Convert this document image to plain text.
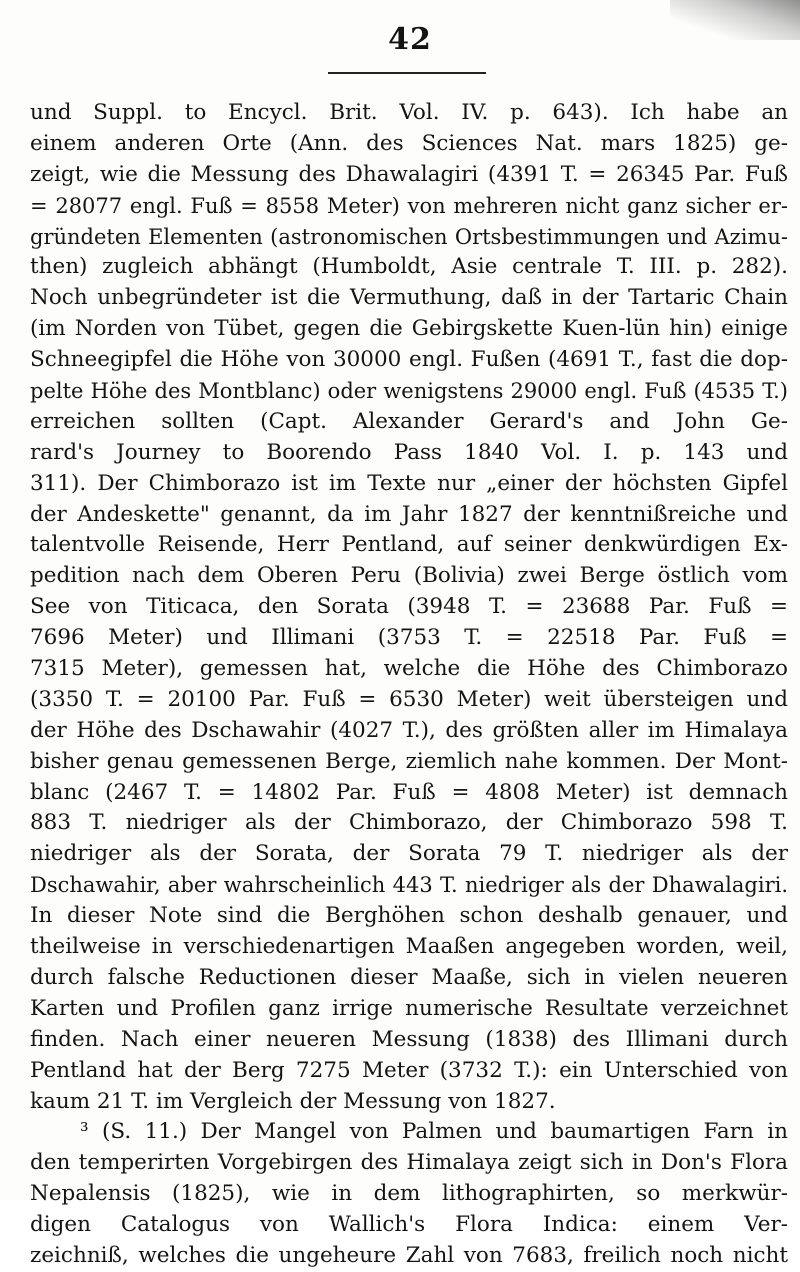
42
und Suppl. to Encycl. Brit. Vol. IV. p. 643). Ich habe an
einem anderen Orte (Ann. des Sciences Nat. mars 1825) ge-
zeigt, wie die Messung des Dhawalagiri (4391 T. = 26345 Par. Fuß
= 28077 engl. Fuß = 8558 Meter) von mehreren nicht ganz sicher er-
gründeten Elementen (astronomischen Ortsbestimmungen und Azimu-
then) zugleich abhängt (Humboldt, Asie centrale T. III. p. 282).
Noch unbegründeter ist die Vermuthung, daß in der Tartaric Chain
(im Norden von Tübet, gegen die Gebirgskette Kuen-lün hin) einige
Schneegipfel die Höhe von 30000 engl. Fußen (4691 T., fast die dop-
pelte Höhe des Montblanc) oder wenigstens 29000 engl. Fuß (4535 T.)
erreichen sollten (Capt. Alexander Gerard's and John Ge-
rard's Journey to Boorendo Pass 1840 Vol. I. p. 143 und
311). Der Chimborazo ist im Texte nur „einer der höchsten Gipfel
der Andeskette" genannt, da im Jahr 1827 der kenntnißreiche und
talentvolle Reisende, Herr Pentland, auf seiner denkwürdigen Ex-
pedition nach dem Oberen Peru (Bolivia) zwei Berge östlich vom
See von Titicaca, den Sorata (3948 T. = 23688 Par. Fuß =
7696 Meter) und Illimani (3753 T. = 22518 Par. Fuß =
7315 Meter), gemessen hat, welche die Höhe des Chimborazo
(3350 T. = 20100 Par. Fuß = 6530 Meter) weit übersteigen und
der Höhe des Dschawahir (4027 T.), des größten aller im Himalaya
bisher genau gemessenen Berge, ziemlich nahe kommen. Der Mont-
blanc (2467 T. = 14802 Par. Fuß = 4808 Meter) ist demnach
883 T. niedriger als der Chimborazo, der Chimborazo 598 T.
niedriger als der Sorata, der Sorata 79 T. niedriger als der
Dschawahir, aber wahrscheinlich 443 T. niedriger als der Dhawalagiri.
In dieser Note sind die Berghöhen schon deshalb genauer, und
theilweise in verschiedenartigen Maaßen angegeben worden, weil,
durch falsche Reductionen dieser Maaße, sich in vielen neueren
Karten und Profilen ganz irrige numerische Resultate verzeichnet
finden. Nach einer neueren Messung (1838) des Illimani durch
Pentland hat der Berg 7275 Meter (3732 T.): ein Unterschied von
kaum 21 T. im Vergleich der Messung von 1827.
³ (S. 11.) Der Mangel von Palmen und baumartigen Farn in
den temperirten Vorgebirgen des Himalaya zeigt sich in Don's Flora
Nepalensis (1825), wie in dem lithographirten, so merkwür-
digen Catalogus von Wallich's Flora Indica: einem Ver-
zeichniß, welches die ungeheure Zahl von 7683, freilich noch nicht
